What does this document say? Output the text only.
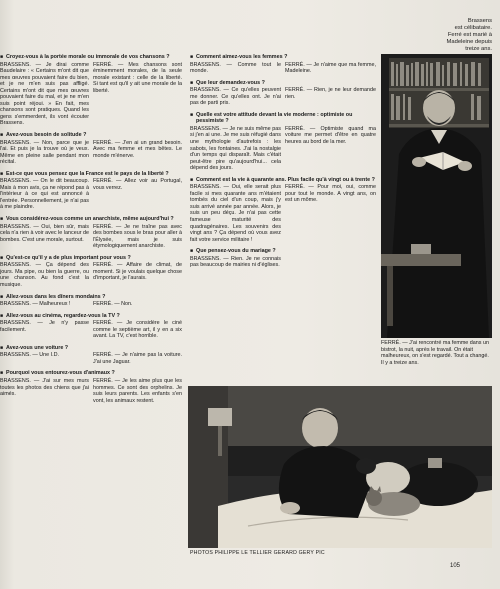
Brassens
est célibataire.
Ferré est marié à
Madeleine depuis
treize ans.
■ Croyez-vous à la portée morale ou immorale de vos chansons ?
BRASSENS. — Je dirai comme Baudelaire : « Certains m'ont dit que mes œuvres pouvaient faire du bien, et je ne m'en suis pas affligé. Certains m'ont dit que mes œuvres pouvaient faire du mal, et je ne m'en suis point réjoui. » En fait, mes chansons sont pratiques. Quand les gens s'emmerdent, ils vont écouter Brassens.
FERRÉ. — Mes chansons sont éminemment morales, de la seule morale existant : celle de la liberté. Si tant est qu'il y ait une morale de la liberté.
■ Avez-vous besoin de solitude ?
BRASSENS. — Non, parce que je l'ai. Et puis je la trouve où je veux. Même en pleine salle pendant mon récital.
FERRÉ. — J'en ai un grand besoin. Avec ma femme et mes bêtes. Le monde m'énerve.
■ Est-ce que vous pensez que la France est le pays de la liberté ?
BRASSENS. — On le dit beaucoup. Mais à mon avis, ça ne répond pas à l'intérieur à ce qui est annoncé à l'entrée. Personnellement, je n'ai pas à me plaindre.
FERRÉ. — Allez voir au Portugal, vous verrez.
■ Vous considérez-vous comme un anarchiste, même aujourd'hui ?
BRASSENS. — Oui, bien sûr, mais cela n'a rien à voir avec le lanceur de bombes. C'est une morale, surtout.
FERRÉ. — Je ne traîne pas avec des bombes sous le bras pour aller à l'Élysée, mais je suis étymologiquement anarchiste.
■ Qu'est-ce qu'il y a de plus important pour vous ?
BRASSENS. — Ça dépend des jours. Ma pipe, ou bien la guerre, ou une chanson. Au fond c'est la musique.
FERRÉ. — Affaire de climat, de moment. Si je voulais quelque chose d'important, je l'aurais.
■ Allez-vous dans les dîners mondains ?
BRASSENS. — Malheureux !	FERRÉ. — Non.
■ Allez-vous au cinéma, regardez-vous la TV ?
BRASSENS. — Je n'y passe facilement.
FERRÉ. — Je considère le ciné comme le septième art, il y en a six avant. La TV, c'est horrible.
■ Avez-vous une voiture ?
BRASSENS. — Une I.D.	FERRÉ. — Je n'aime pas la voiture. J'ai une Jaguar.
■ Pourquoi vous entourez-vous d'animaux ?
BRASSENS. — J'ai sur mes murs toutes les photos des chiens que j'ai aimés.
FERRÉ. — Je les aime plus que les hommes. Ce sont des orphelins. Je suis leurs parents. Les enfants s'en vont, les animaux restent.
■ Comment aimez-vous les femmes ?
BRASSENS. — Comme tout le monde.
FERRÉ. — Je n'aime que ma femme, Madeleine.
■ Que leur demandez-vous ?
BRASSENS. — Ce qu'elles peuvent me donner. Ce qu'elles ont. Je n'ai pas de parti pris.
FERRÉ. — Rien, je ne leur demande rien.
■ Quelle est votre attitude devant la vie moderne : optimiste ou pessimiste ?
BRASSENS. — Je ne suis même pas si j'en ai une. Je me suis réfugié dans une mythologie d'autrefois : les sabots, les fontaines. J'ai la nostalgie d'un temps qui disparaît. Mais c'était peut-être pire qu'aujourd'hui... cela dépend des jours.
FERRÉ. — Optimiste quand ma voiture me permet d'être en quatre heures au bord de la mer.
■ Comment est la vie à quarante ans. Plus facile qu'à vingt ou à trente ?
BRASSENS. — Oui, elle serait plus facile si mes quarante ans m'étaient tombés du ciel d'un coup, mais j'y suis arrivé année par année. Alors, je suis un peu déçu. Je n'ai pas cette fameuse maturité des quadragénaires. Les souvenirs des vingt ans ? Ça dépend où vous avez fait votre service militaire !
FERRÉ. — Pour moi, oui, comme pour tout le monde. A vingt ans, on est un môme.
■ Que pensez-vous du mariage ?
BRASSENS. — Rien. Je ne connais pas beaucoup de mairies ni d'églises.
FERRÉ. — J'ai rencontré ma femme dans un bistrot, la nuit, après le travail. On était malheureux, on s'est regardé. Tout a changé. Il y a treize ans.
PHOTOS PHILIPPE LE TELLIER GERARD GERY PIC
105
